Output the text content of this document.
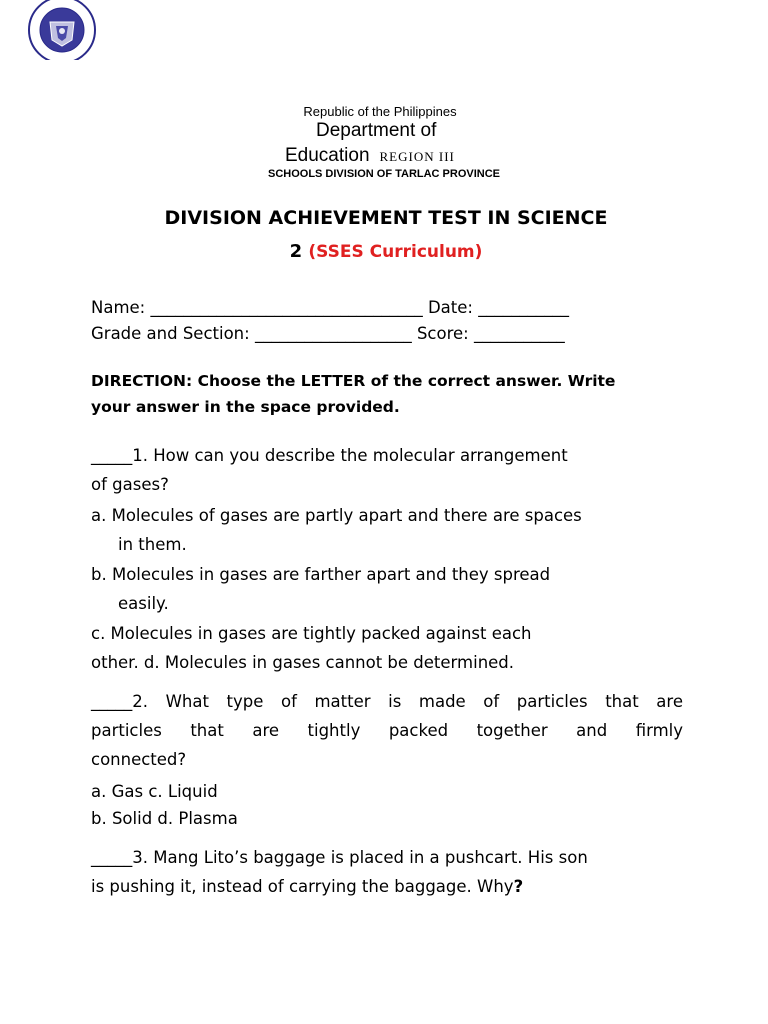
Republic of the Philippines
Department of
Education REGION III
SCHOOLS DIVISION OF TARLAC PROVINCE
DIVISION ACHIEVEMENT TEST IN SCIENCE
2 (SSES Curriculum)
Name: _________________________________ Date: ___________
Grade and Section: ___________________ Score: ___________
DIRECTION: Choose the LETTER of the correct answer. Write
your answer in the space provided.
_____1. How can you describe the molecular arrangement
of gases?
a. Molecules of gases are partly apart and there are spaces
in them.
b. Molecules in gases are farther apart and they spread
easily.
c. Molecules in gases are tightly packed against each
other. d. Molecules in gases cannot be determined.
_____2. What type of matter is made of particles that are
particles that are tightly packed together and firmly
connected?
a. Gas c. Liquid
b. Solid d. Plasma
_____3. Mang Lito’s baggage is placed in a pushcart. His son
is pushing it, instead of carrying the baggage. Why?
